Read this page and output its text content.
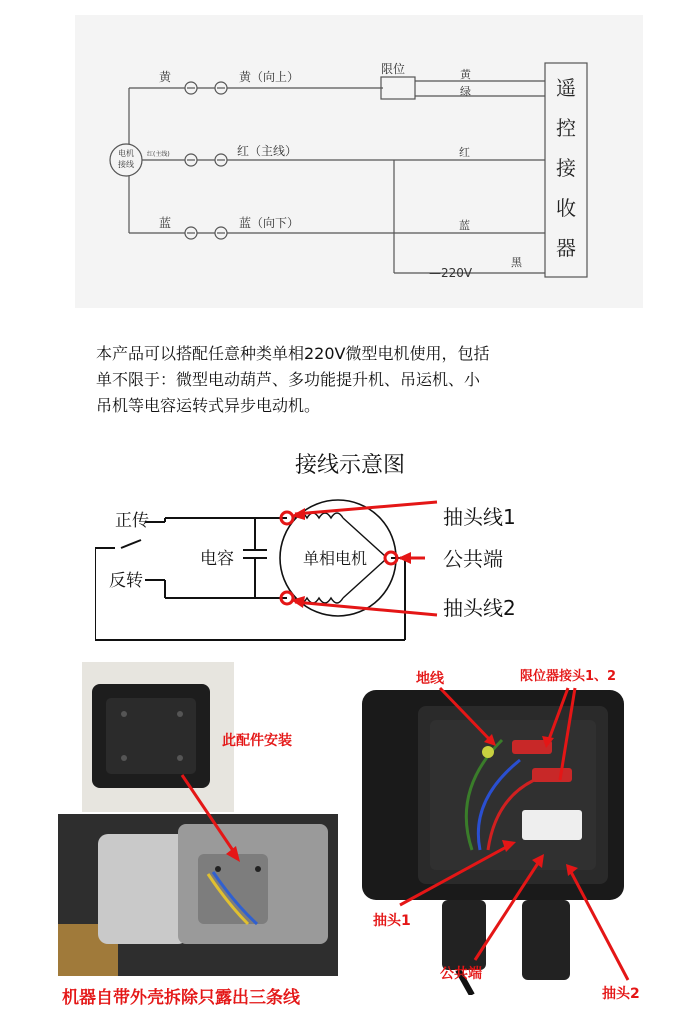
电机
接线
黄	黄（向上）
红(主线)	红（主线）
蓝	蓝（向下）
限位	黄
绿
红
蓝
黑
—220V
遥
控
接
收
器

本产品可以搭配任意种类单相220V微型电机使用，包括
单不限于：微型电动葫芦、多功能提升机、吊运机、小
吊机等电容运转式异步电动机。

接线示意图
正传
反转
电容	单相电机
抽头线1
公共端
抽头线2
此配件安装
机器自带外壳拆除只露出三条线
地线	限位器接头1、2
抽头1
公共端
抽头2
